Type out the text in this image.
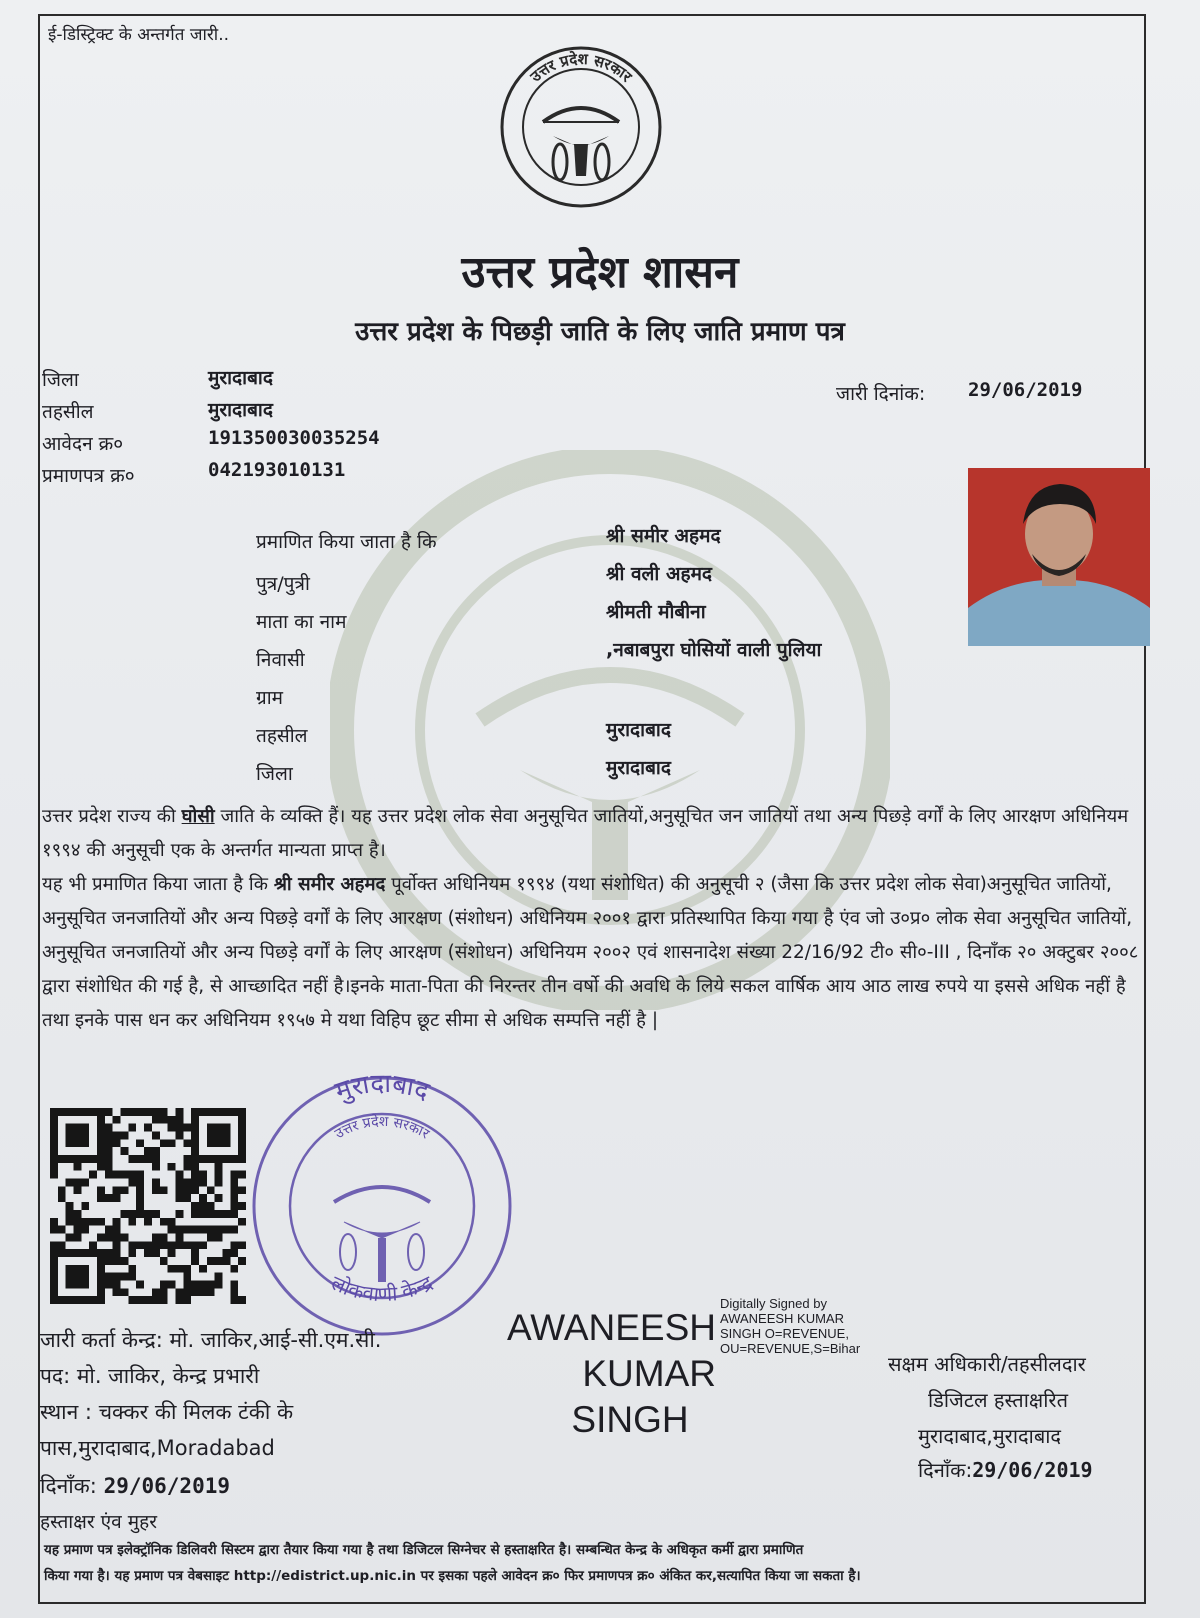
ई-डिस्ट्रिक्ट के अन्तर्गत जारी..
उत्तर प्रदेश सरकार
उत्तर प्रदेश शासन
उत्तर प्रदेश के पिछड़ी जाति के लिए जाति प्रमाण पत्र
जिला	मुरादाबाद
तहसील	मुरादाबाद
आवेदन क्र०	191350030035254
प्रमाणपत्र क्र०	042193010131
जारी दिनांक: 29/06/2019
प्रमाणित किया जाता है कि	श्री समीर अहमद
पुत्र/पुत्री	श्री वली अहमद
माता का नाम	श्रीमती मौबीना
निवासी	,नबाबपुरा घोसियों वाली पुलिया
ग्राम
तहसील	मुरादाबाद
जिला	मुरादाबाद
उत्तर प्रदेश राज्य की घोसी जाति के व्यक्ति हैं। यह उत्तर प्रदेश लोक सेवा अनुसूचित जातियों,अनुसूचित जन जातियों तथा अन्य पिछड़े वर्गों के लिए आरक्षण अधिनियम १९९४ की अनुसूची एक के अन्तर्गत मान्यता प्राप्त है।
यह भी प्रमाणित किया जाता है कि श्री समीर अहमद पूर्वोक्त अधिनियम १९९४ (यथा संशोधित) की अनुसूची २ (जैसा कि उत्तर प्रदेश लोक सेवा)अनुसूचित जातियों, अनुसूचित जनजातियों और अन्य पिछड़े वर्गों के लिए आरक्षण (संशोधन) अधिनियम २००१ द्वारा प्रतिस्थापित किया गया है एंव जो उ०प्र० लोक सेवा अनुसूचित जातियों, अनुसूचित जनजातियों और अन्य पिछड़े वर्गों के लिए आरक्षण (संशोधन) अधिनियम २००२ एवं शासनादेश संख्या 22/16/92 टी० सी०-III , दिनाँक २० अक्टुबर २००८ द्वारा संशोधित की गई है, से आच्छादित नहीं है।इनके माता-पिता की निरन्तर तीन वर्षो की अवधि के लिये सकल वार्षिक आय आठ लाख रुपये या इससे अधिक नहीं है तथा इनके पास धन कर अधिनियम १९५७ मे यथा विहिप छूट सीमा से अधिक सम्पत्ति नहीं है |
मुरादाबाद
उत्तर प्रदेश सरकार
लोकवाणी केन्द्र
जारी कर्ता केन्द्र: मो. जाकिर,आई-सी.एम.सी.
पद: मो. जाकिर, केन्द्र प्रभारी
स्थान : चक्कर की मिलक टंकी के
पास,मुरादाबाद,Moradabad
दिनाँक: 29/06/2019
हस्ताक्षर एंव मुहर
AWANEESH
KUMAR
SINGH
Digitally Signed by
AWANEESH KUMAR
SINGH O=REVENUE,
OU=REVENUE,S=Bihar
सक्षम अधिकारी/तहसीलदार
डिजिटल हस्ताक्षरित
मुरादाबाद,मुरादाबाद
दिनाँक:29/06/2019
यह प्रमाण पत्र इलेक्ट्रॉनिक डिलिवरी सिस्टम द्वारा तैयार किया गया है तथा डिजिटल सिग्नेचर से हस्ताक्षरित है। सम्बन्धित केन्द्र के अधिकृत कर्मी द्वारा प्रमाणित
किया गया है। यह प्रमाण पत्र वेबसाइट http://edistrict.up.nic.in पर इसका पहले आवेदन क्र० फिर प्रमाणपत्र क्र० अंकित कर,सत्यापित किया जा सकता है।
